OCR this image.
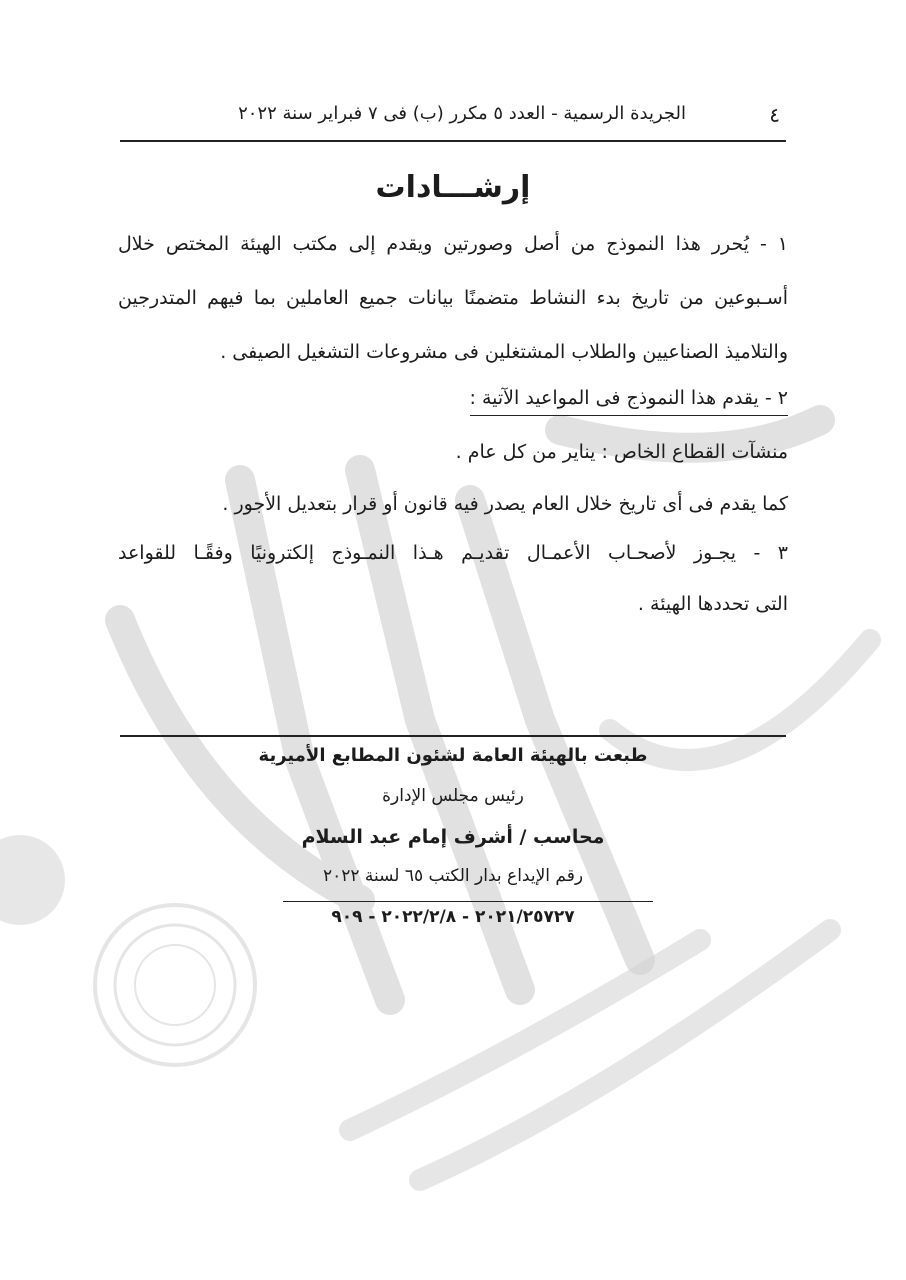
٤
الجريدة الرسمية - العدد ٥ مكرر (ب) فى ٧ فبراير سنة ٢٠٢٢
إرشـــادات
١ - يُحرر هذا النموذج من أصل وصورتين ويقدم إلى مكتب الهيئة المختص خلال
أسـبوعين من تاريخ بدء النشاط متضمنًا بيانات جميع العاملين بما فيهم المتدرجين
والتلاميذ الصناعيين والطلاب المشتغلين فى مشروعات التشغيل الصيفى .
٢ - يقدم هذا النموذج فى المواعيد الآتية :
منشآت القطاع الخاص : يناير من كل عام .
كما يقدم فى أى تاريخ خلال العام يصدر فيه قانون أو قرار بتعديل الأجور .
٣ - يجـوز لأصحـاب الأعمـال تقديـم هـذا النمـوذج إلكترونيًا وفقًـا للقواعد
التى تحددها الهيئة .
طبعت بالهيئة العامة لشئون المطابع الأميرية
رئيس مجلس الإدارة
محاسب / أشرف إمام عبد السلام
رقم الإيداع بدار الكتب ٦٥ لسنة ٢٠٢٢
٢٠٢١/٢٥٧٢٧ - ٢٠٢٢/٢/٨ - ٩٠٩
